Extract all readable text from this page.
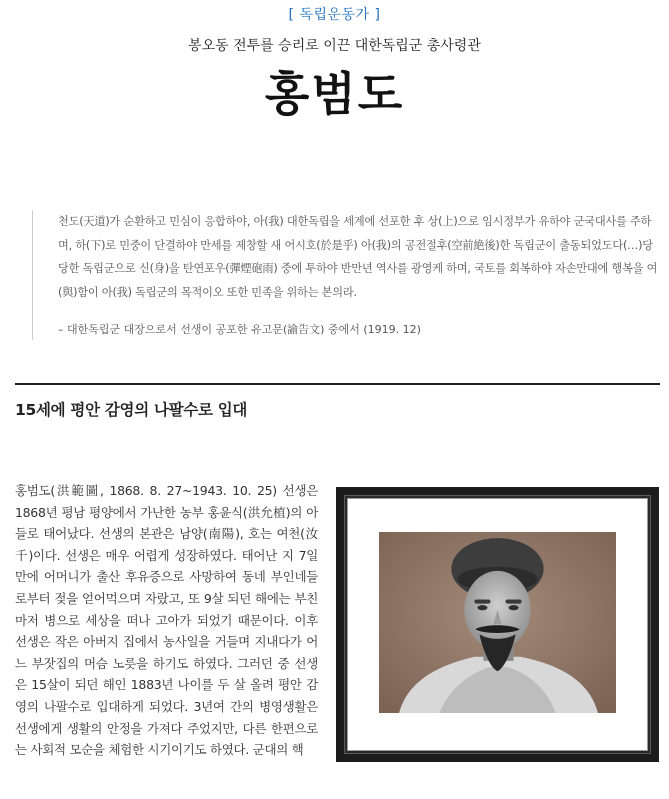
[ 독립운동가 ]
봉오동 전투를 승리로 이끈 대한독립군 총사령관
홍범도

천도(天道)가 순환하고 민심이 응합하야, 아(我) 대한독립을 세계에 선포한 후 상(上)으로 임시정부가 유하야 군국대사를 주하며, 하(下)로 민중이 단결하야 만세를 제창할 새 어시호(於是乎) 아(我)의 공전절후(空前絶後)한 독립군이 출동되었도다(…)당당한 독립군으로 신(身)을 탄연포우(彈煙砲雨) 중에 투하야 반만년 역사를 광영케 하며, 국토를 회복하야 자손만대에 행복을 여(與)함이 아(我) 독립군의 목적이오 또한 민족을 위하는 본의라.

– 대한독립군 대장으로서 선생이 공포한 유고문(諭告文) 중에서 (1919. 12)

15세에 평안 감영의 나팔수로 입대

홍범도(洪範圖, 1868. 8. 27~1943. 10. 25) 선생은 1868년 평남 평양에서 가난한 농부 홍윤식(洪允植)의 아들로 태어났다. 선생의 본관은 남양(南陽), 호는 여천(汝千)이다. 선생은 매우 어렵게 성장하였다. 태어난 지 7일만에 어머니가 출산 후유증으로 사망하여 동네 부인네들로부터 젖을 얻어먹으며 자랐고, 또 9살 되던 해에는 부친마저 병으로 세상을 떠나 고아가 되었기 때문이다. 이후 선생은 작은 아버지 집에서 농사일을 거들며 지내다가 어느 부잣집의 머슴 노릇을 하기도 하였다. 그러던 중 선생은 15살이 되던 해인 1883년 나이를 두 살 올려 평안 감영의 나팔수로 입대하게 되었다. 3년여 간의 병영생활은 선생에게 생활의 안정을 가져다 주었지만, 다른 한편으로는 사회적 모순을 체험한 시기이기도 하였다. 군대의 핵
